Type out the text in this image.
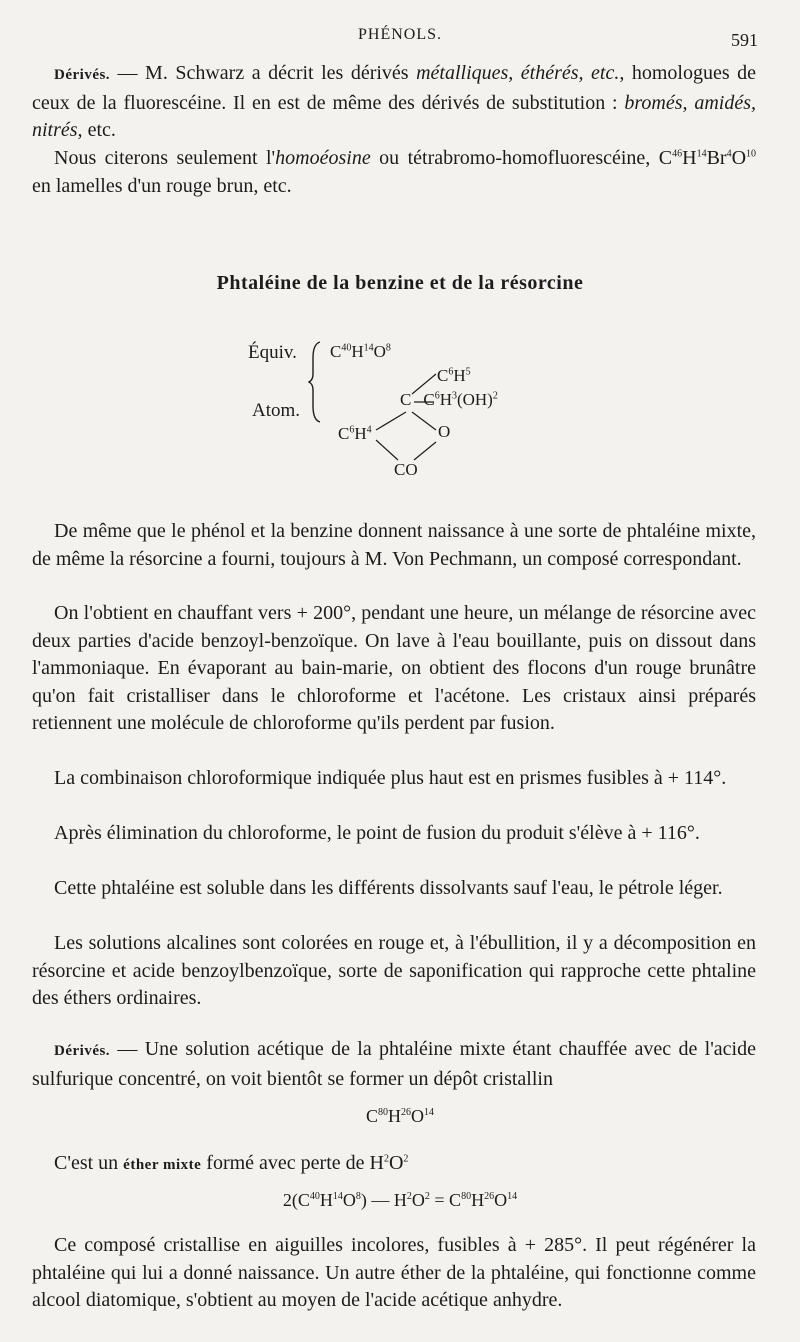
PHÉNOLS.	591
Dérivés. — M. Schwarz a décrit les dérivés métalliques, éthérés, etc., homologues de ceux de la fluorescéine. Il en est de même des dérivés de substitution : bromés, amidés, nitrés, etc.
Nous citerons seulement l'homoéosine ou tétrabromo-homofluorescéine, $C^{46}H^{14}Br^4O^{10}$ en lamelles d'un rouge brun, etc.
Phtaléine de la benzine et de la résorcine
Équiv.
Atom.
$C^{40}H^{14}O^8$
$C^6H^5$
C $C^6H^3(OH)^2$
$C^6H^4$	O
CO
De même que le phénol et la benzine donnent naissance à une sorte de phtaléine mixte, de même la résorcine a fourni, toujours à M. Von Pechmann, un composé correspondant.
On l'obtient en chauffant vers + 200°, pendant une heure, un mélange de résorcine avec deux parties d'acide benzoyl-benzoïque. On lave à l'eau bouillante, puis on dissout dans l'ammoniaque. En évaporant au bain-marie, on obtient des flocons d'un rouge brunâtre qu'on fait cristalliser dans le chloroforme et l'acétone. Les cristaux ainsi préparés retiennent une molécule de chloroforme qu'ils perdent par fusion.
La combinaison chloroformique indiquée plus haut est en prismes fusibles à + 114°.
Après élimination du chloroforme, le point de fusion du produit s'élève à + 116°.
Cette phtaléine est soluble dans les différents dissolvants sauf l'eau, le pétrole léger.
Les solutions alcalines sont colorées en rouge et, à l'ébullition, il y a décomposition en résorcine et acide benzoylbenzoïque, sorte de saponification qui rapproche cette phtaline des éthers ordinaires.
Dérivés. — Une solution acétique de la phtaléine mixte étant chauffée avec de l'acide sulfurique concentré, on voit bientôt se former un dépôt cristallin
$C^{80}H^{26}O^{14}$
C'est un éther mixte formé avec perte de $H^2O^2$
$2(C^{40}H^{14}O^8)$ — $H^2O^2 = C^{80}H^{26}O^{14}$
Ce composé cristallise en aiguilles incolores, fusibles à + 285°. Il peut régénérer la phtaléine qui lui a donné naissance. Un autre éther de la phtaléine, qui fonctionne comme alcool diatomique, s'obtient au moyen de l'acide acétique anhydre.
